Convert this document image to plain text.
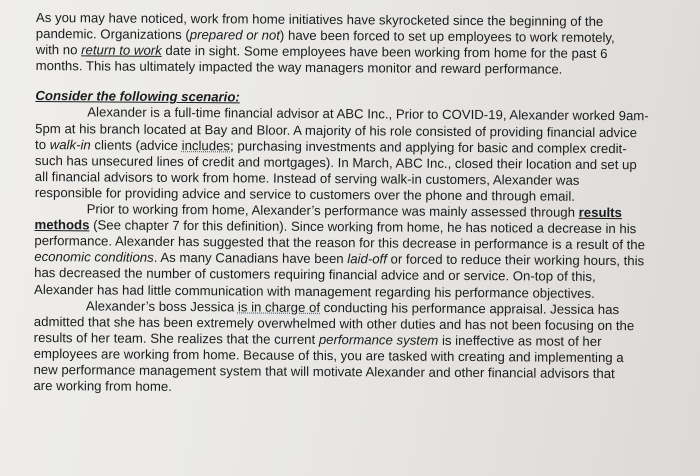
As you may have noticed, work from home initiatives have skyrocketed since the beginning of the
pandemic. Organizations (prepared or not) have been forced to set up employees to work remotely,
with no return to work date in sight. Some employees have been working from home for the past 6
months. This has ultimately impacted the way managers monitor and reward performance.
Consider the following scenario:
Alexander is a full-time financial advisor at ABC Inc., Prior to COVID-19, Alexander worked 9am-
5pm at his branch located at Bay and Bloor. A majority of his role consisted of providing financial advice
to walk-in clients (advice includes; purchasing investments and applying for basic and complex credit-
such has unsecured lines of credit and mortgages). In March, ABC Inc., closed their location and set up
all financial advisors to work from home. Instead of serving walk-in customers, Alexander was
responsible for providing advice and service to customers over the phone and through email.
Prior to working from home, Alexander’s performance was mainly assessed through results
methods (See chapter 7 for this definition). Since working from home, he has noticed a decrease in his
performance. Alexander has suggested that the reason for this decrease in performance is a result of the
economic conditions. As many Canadians have been laid-off or forced to reduce their working hours, this
has decreased the number of customers requiring financial advice and or service. On-top of this,
Alexander has had little communication with management regarding his performance objectives.
Alexander’s boss Jessica is in charge of conducting his performance appraisal. Jessica has
admitted that she has been extremely overwhelmed with other duties and has not been focusing on the
results of her team. She realizes that the current performance system is ineffective as most of her
employees are working from home. Because of this, you are tasked with creating and implementing a
new performance management system that will motivate Alexander and other financial advisors that
are working from home.
